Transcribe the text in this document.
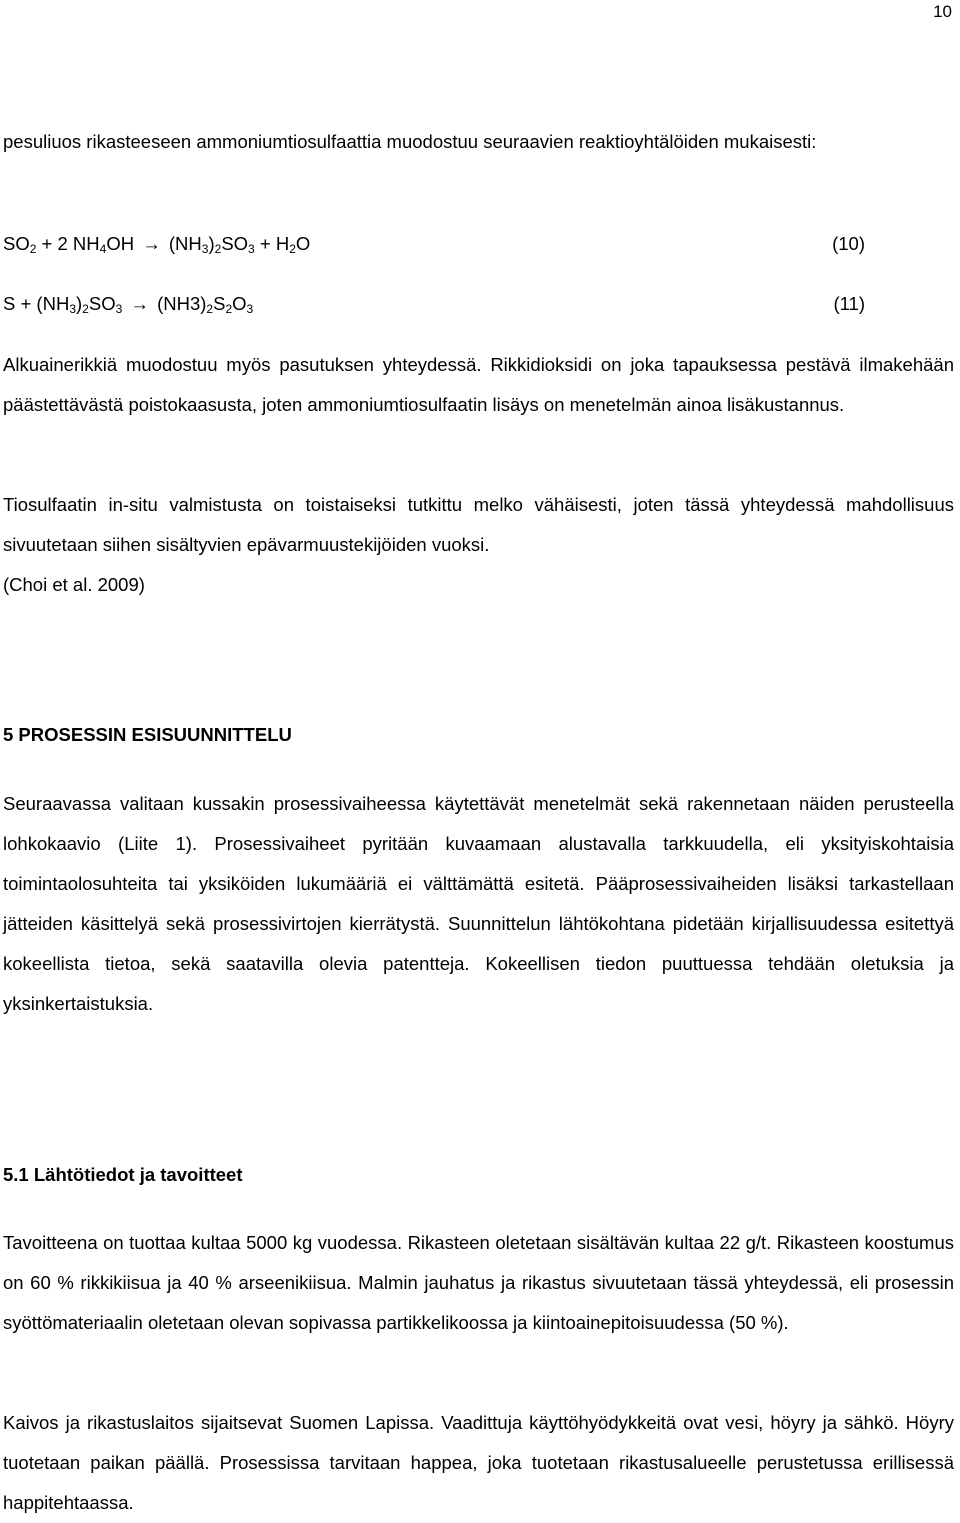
10

pesuliuos rikasteeseen ammoniumtiosulfaattia muodostuu seuraavien reaktioyhtälöiden mukaisesti:

$SO_2 + 2$ $NH_4OH \to (NH_3)_2SO_3 + H_2O$	(10)
$S + (NH_3)_2SO_3 \to (NH3)_2S_2O_3$	(11)

Alkuainerikkiä muodostuu myös pasutuksen yhteydessä. Rikkidioksidi on joka tapauksessa pestävä ilmakehään päästettävästä poistokaasusta, joten ammoniumtiosulfaatin lisäys on menetelmän ainoa lisäkustannus.

Tiosulfaatin in-situ valmistusta on toistaiseksi tutkittu melko vähäisesti, joten tässä yhteydessä mahdollisuus sivuutetaan siihen sisältyvien epävarmuustekijöiden vuoksi.

(Choi et al. 2009)

5 PROSESSIN ESISUUNNITTELU

Seuraavassa valitaan kussakin prosessivaiheessa käytettävät menetelmät sekä rakennetaan näiden perusteella lohkokaavio (Liite 1). Prosessivaiheet pyritään kuvaamaan alustavalla tarkkuudella, eli yksityiskohtaisia toimintaolosuhteita tai yksiköiden lukumääriä ei välttämättä esitetä. Pääprosessivaiheiden lisäksi tarkastellaan jätteiden käsittelyä sekä prosessivirtojen kierrätystä. Suunnittelun lähtökohtana pidetään kirjallisuudessa esitettyä kokeellista tietoa, sekä saatavilla olevia patentteja. Kokeellisen tiedon puuttuessa tehdään oletuksia ja yksinkertaistuksia.

5.1 Lähtötiedot ja tavoitteet

Tavoitteena on tuottaa kultaa 5000 kg vuodessa. Rikasteen oletetaan sisältävän kultaa 22 g/t. Rikasteen koostumus on 60 % rikkikiisua ja 40 % arseenikiisua. Malmin jauhatus ja rikastus sivuutetaan tässä yhteydessä, eli prosessin syöttömateriaalin oletetaan olevan sopivassa partikkelikoossa ja kiintoainepitoisuudessa (50 %).

Kaivos ja rikastuslaitos sijaitsevat Suomen Lapissa. Vaadittuja käyttöhyödykkeitä ovat vesi, höyry ja sähkö. Höyry tuotetaan paikan päällä. Prosessissa tarvitaan happea, joka tuotetaan rikastusalueelle perustetussa erillisessä happitehtaassa.
